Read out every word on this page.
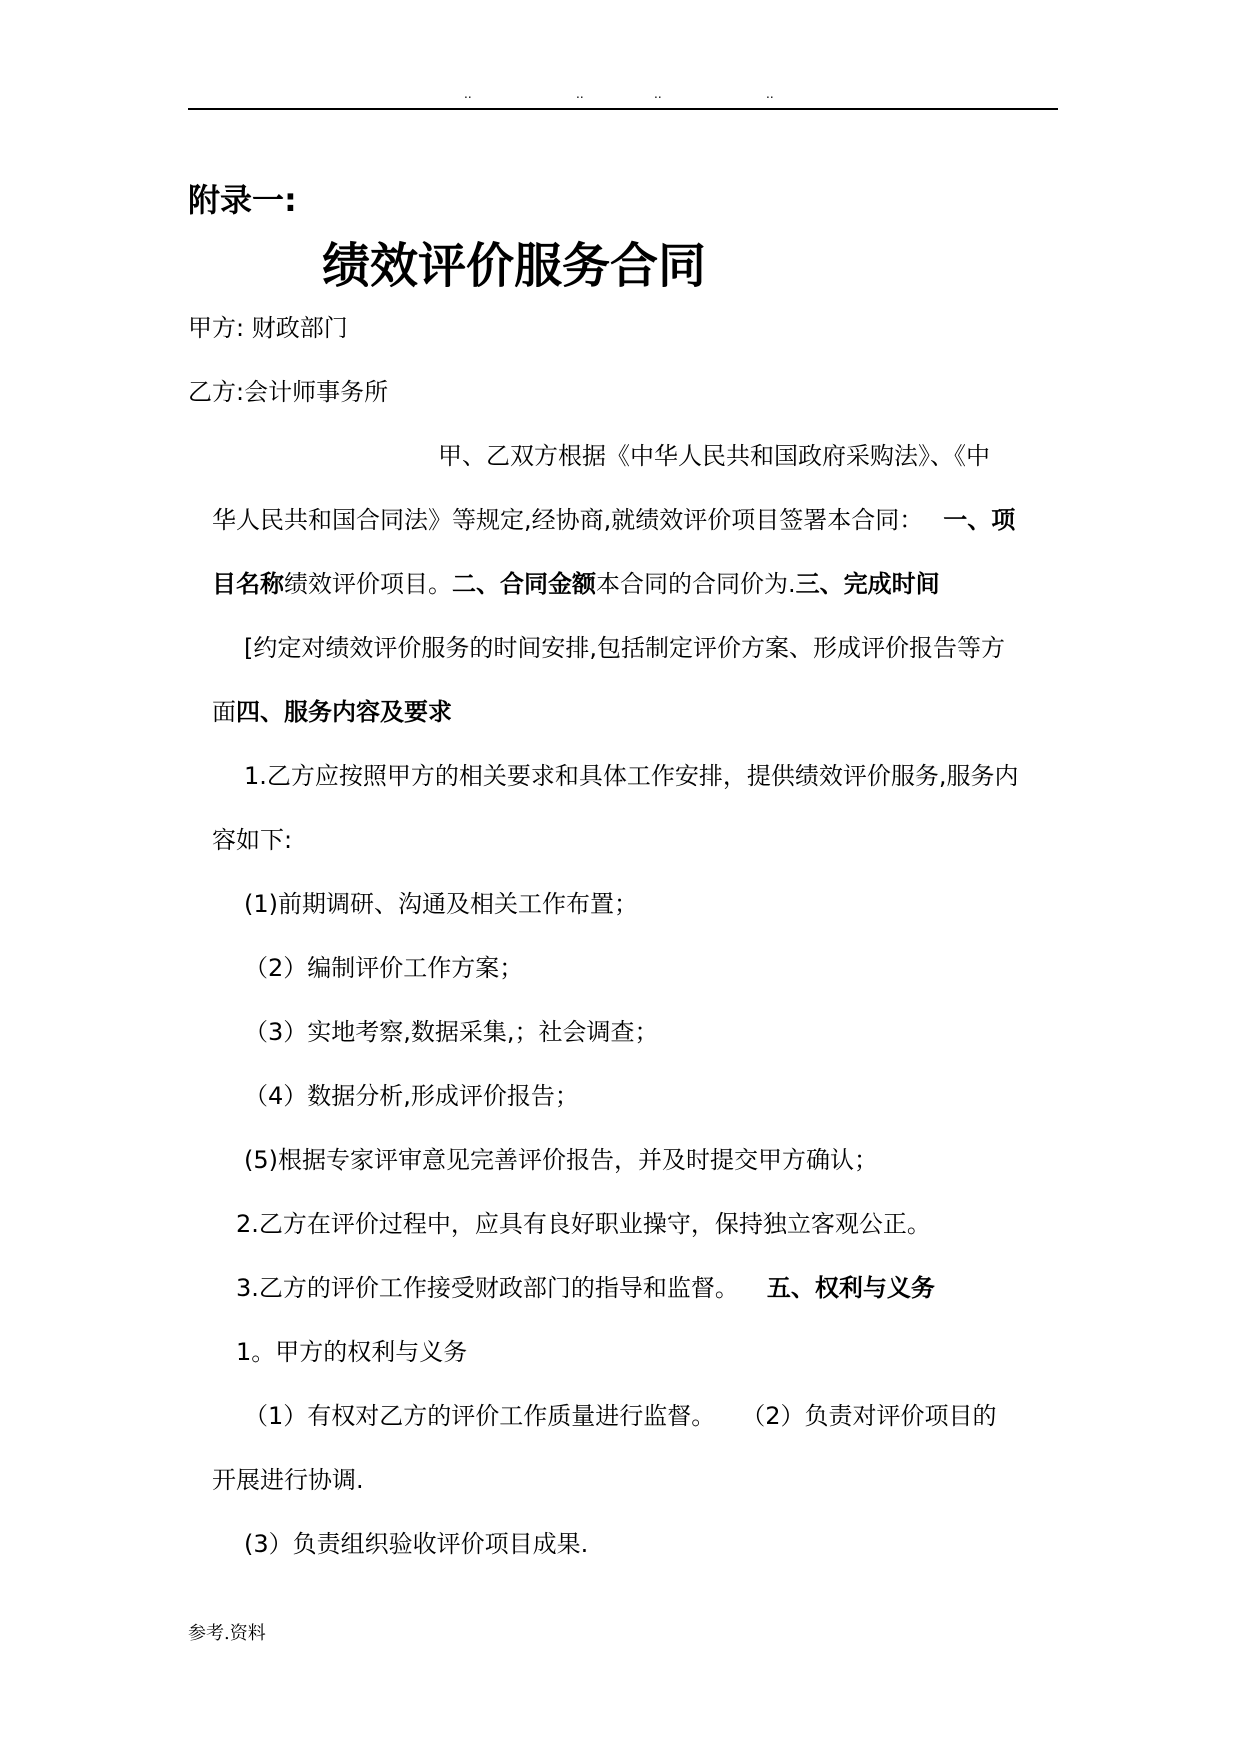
..	..	..	..
附录一:
绩效评价服务合同
甲方: 财政部门
乙方:会计师事务所
甲、乙双方根据《中华人民共和国政府采购法》、《中
华人民共和国合同法》等规定,经协商,就绩效评价项目签署本合同： 一、项
目名称绩效评价项目。二、合同金额本合同的合同价为.三、完成时间
[约定对绩效评价服务的时间安排,包括制定评价方案、形成评价报告等方
面四、服务内容及要求
1.乙方应按照甲方的相关要求和具体工作安排，提供绩效评价服务,服务内
容如下:
(1)前期调研、沟通及相关工作布置；
（2）编制评价工作方案；
（3）实地考察,数据采集,；社会调查；
（4）数据分析,形成评价报告；
(5)根据专家评审意见完善评价报告，并及时提交甲方确认；
2.乙方在评价过程中，应具有良好职业操守，保持独立客观公正。
3.乙方的评价工作接受财政部门的指导和监督。 五、权利与义务
1。甲方的权利与义务
（1）有权对乙方的评价工作质量进行监督。 （2）负责对评价项目的
开展进行协调.
(3）负责组织验收评价项目成果.
参考.资料
